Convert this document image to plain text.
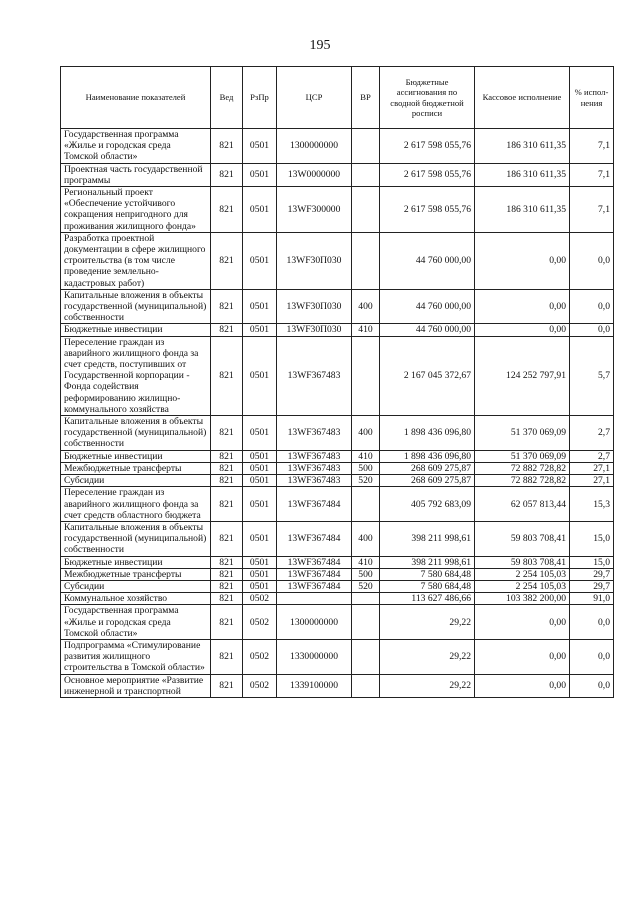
195
Наименование показателей	Вед	РзПр	ЦСР	ВР	Бюджетные ассигнования по сводной бюджетной росписи	Кассовое исполнение	% испол-нения
Государственная программа «Жилье и городская среда Томской области»	821	0501	1300000000		2 617 598 055,76	186 310 611,35	7,1
Проектная часть государственной программы	821	0501	13W0000000		2 617 598 055,76	186 310 611,35	7,1
Региональный проект «Обеспечение устойчивого сокращения непригодного для проживания жилищного фонда»	821	0501	13WF300000		2 617 598 055,76	186 310 611,35	7,1
Разработка проектной документации в сфере жилищного строительства (в том числе проведение землельно-кадастровых работ)	821	0501	13WF30П030		44 760 000,00	0,00	0,0
Капитальные вложения в объекты государственной (муниципальной) собственности	821	0501	13WF30П030	400	44 760 000,00	0,00	0,0
Бюджетные инвестиции	821	0501	13WF30П030	410	44 760 000,00	0,00	0,0
Переселение граждан из аварийного жилищного фонда за счет средств, поступивших от Государственной корпорации - Фонда содействия реформированию жилищно-коммунального хозяйства	821	0501	13WF367483		2 167 045 372,67	124 252 797,91	5,7
Капитальные вложения в объекты государственной (муниципальной) собственности	821	0501	13WF367483	400	1 898 436 096,80	51 370 069,09	2,7
Бюджетные инвестиции	821	0501	13WF367483	410	1 898 436 096,80	51 370 069,09	2,7
Межбюджетные трансферты	821	0501	13WF367483	500	268 609 275,87	72 882 728,82	27,1
Субсидии	821	0501	13WF367483	520	268 609 275,87	72 882 728,82	27,1
Переселение граждан из аварийного жилищного фонда за счет средств областного бюджета	821	0501	13WF367484		405 792 683,09	62 057 813,44	15,3
Капитальные вложения в объекты государственной (муниципальной) собственности	821	0501	13WF367484	400	398 211 998,61	59 803 708,41	15,0
Бюджетные инвестиции	821	0501	13WF367484	410	398 211 998,61	59 803 708,41	15,0
Межбюджетные трансферты	821	0501	13WF367484	500	7 580 684,48	2 254 105,03	29,7
Субсидии	821	0501	13WF367484	520	7 580 684,48	2 254 105,03	29,7
Коммунальное хозяйство	821	0502			113 627 486,66	103 382 200,00	91,0
Государственная программа «Жилье и городская среда Томской области»	821	0502	1300000000		29,22	0,00	0,0
Подпрограмма «Стимулирование развития жилищного строительства в Томской области»	821	0502	1330000000		29,22	0,00	0,0
Основное мероприятие «Развитие инженерной и транспортной	821	0502	1339100000		29,22	0,00	0,0
